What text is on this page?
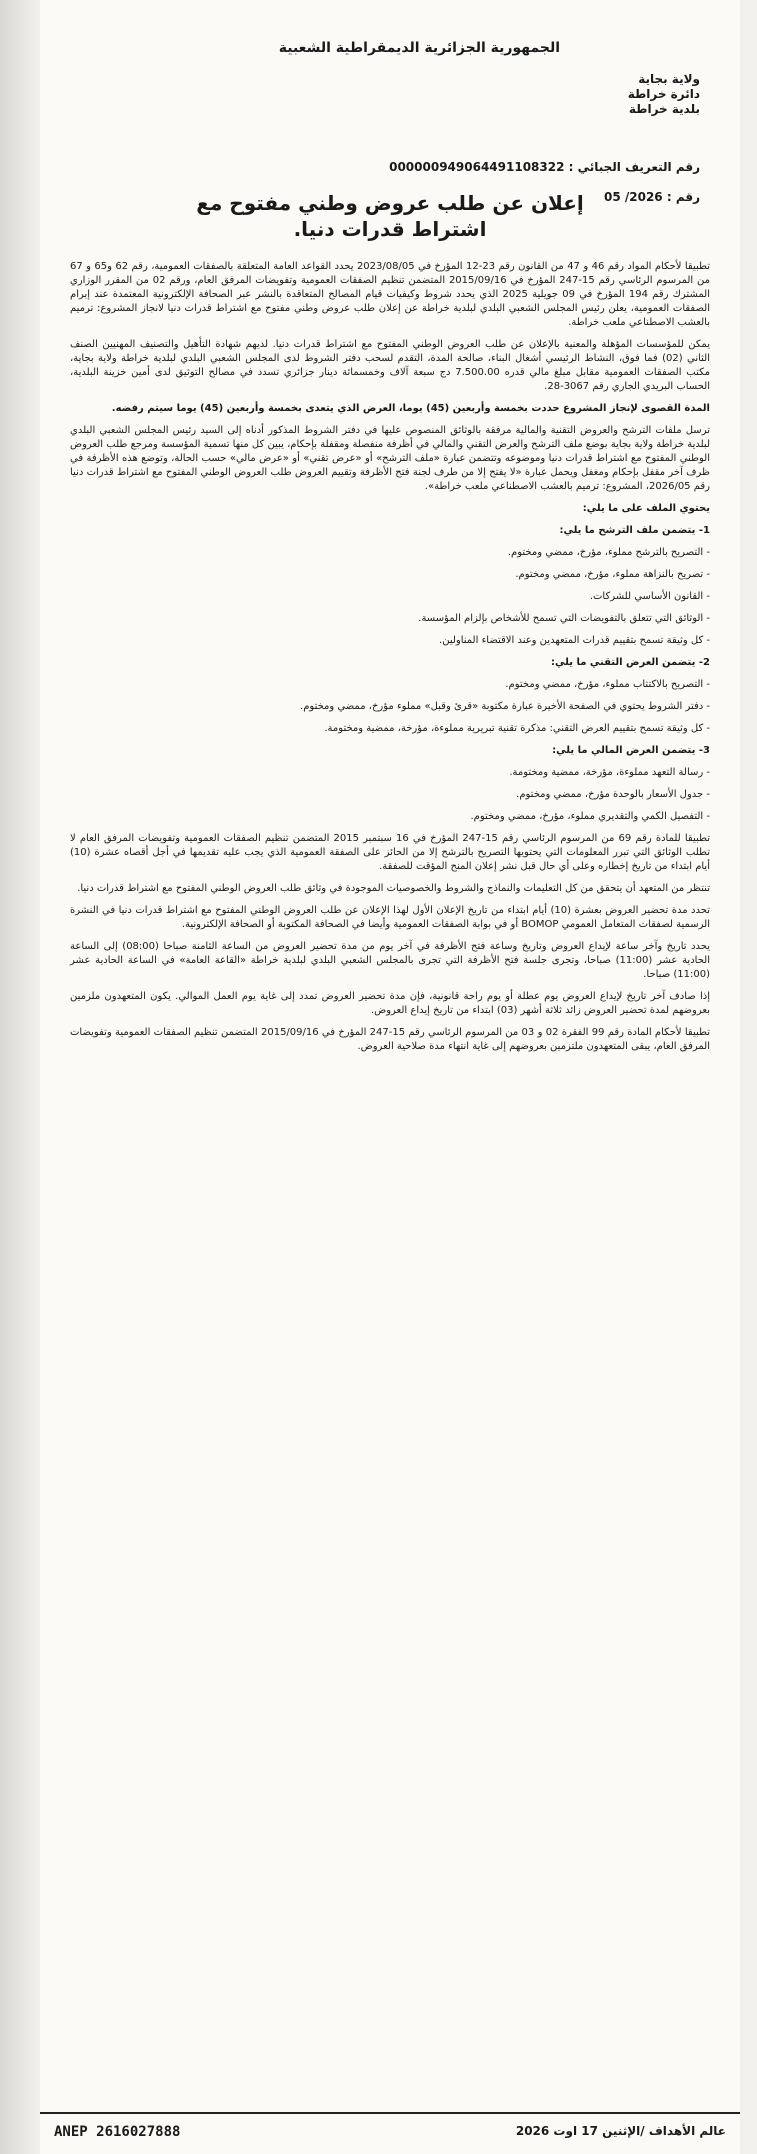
الجمهورية الجزائرية الديمقراطية الشعبية
ولاية بجاية
دائرة خراطة
بلدية خراطة
رقم التعريف الجبائي : 000000949064491108322
رقم : 2026/ 05
إعلان عن طلب عروض وطني مفتوح مع
اشتراط قدرات دنيا.

تطبيقا لأحكام المواد رقم 46 و 47 من القانون رقم 23-12 المؤرخ في 2023/08/05 يحدد القواعد العامة المتعلقة بالصفقات العمومية، رقم 62 و65 و 67 من المرسوم الرئاسي رقم 15-247 المؤرخ في 2015/09/16 المتضمن تنظيم الصفقات العمومية وتفويضات المرفق العام، ورقم 02 من المقرر الوزاري المشترك رقم 194 المؤرخ في 09 جويلية 2025 الذي يحدد شروط وكيفيات قيام المصالح المتعاقدة بالنشر عبر الصحافة الإلكترونية المعتمدة عند إبرام الصفقات العمومية، يعلن رئيس المجلس الشعبي البلدي لبلدية خراطة عن إعلان طلب عروض وطني مفتوح مع اشتراط قدرات دنيا لانجاز المشروع: ترميم بالعشب الاصطناعي ملعب خراطة.

يمكن للمؤسسات المؤهلة والمعنية بالإعلان عن طلب العروض الوطني المفتوح مع اشتراط قدرات دنيا. لديهم شهادة التأهيل والتصنيف المهنيين الصنف الثاني (02) فما فوق، النشاط الرئيسي أشغال البناء، صالحة المدة، التقدم لسحب دفتر الشروط لدى المجلس الشعبي البلدي لبلدية خراطة ولاية بجاية، مكتب الصفقات العمومية مقابل مبلغ مالي قدره 7.500.00 دج سبعة آلاف وخمسمائة دينار جزائري تسدد في مصالح التوثيق لدى أمين خزينة البلدية، الحساب البريدي الجاري رقم 3067-28.

المدة القصوى لإنجاز المشروع حددت بخمسة وأربعين (45) يوما، العرض الذي يتعدى بخمسة وأربعين (45) يوما سيتم رفضه.

ترسل ملفات الترشح والعروض التقنية والمالية مرفقة بالوثائق المنصوص عليها في دفتر الشروط المذكور أدناه إلى السيد رئيس المجلس الشعبي البلدي لبلدية خراطة ولاية بجاية بوضع ملف الترشح والعرض التقني والمالي في أظرفة منفصلة ومقفلة بإحكام، يبين كل منها تسمية المؤسسة ومرجع طلب العروض الوطني المفتوح مع اشتراط قدرات دنيا وموضوعه وتتضمن عبارة «ملف الترشح» أو «عرض تقني» أو «عرض مالي» حسب الحالة، وتوضع هذه الأظرفة في ظرف آخر مقفل بإحكام ومغفل ويحمل عبارة «لا يفتح إلا من طرف لجنة فتح الأظرفة وتقييم العروض طلب العروض الوطني المفتوح مع اشتراط قدرات دنيا رقم 2026/05، المشروع: ترميم بالعشب الاصطناعي ملعب خراطة».

يحتوي الملف على ما يلي:

1- يتضمن ملف الترشح ما يلي:

- التصريح بالترشح مملوء، مؤرخ، ممضي ومختوم.

- تصريح بالنزاهة مملوء، مؤرخ، ممضي ومختوم.

- القانون الأساسي للشركات.

- الوثائق التي تتعلق بالتفويضات التي تسمح للأشخاص بإلزام المؤسسة.

- كل وثيقة تسمح بتقييم قدرات المتعهدين وعند الاقتضاء المناولين.

2- يتضمن العرض التقني ما يلي:

- التصريح بالاكتتاب مملوء، مؤرخ، ممضي ومختوم.

- دفتر الشروط يحتوي في الصفحة الأخيرة عبارة مكتوبة «قرئ وقبل» مملوء مؤرخ، ممضي ومختوم.

- كل وثيقة تسمح بتقييم العرض التقني: مذكرة تقنية تبريرية مملوءة، مؤرخة، ممضية ومختومة.

3- يتضمن العرض المالي ما يلي:

- رسالة التعهد مملوءة، مؤرخة، ممضية ومختومة.

- جدول الأسعار بالوحدة مؤرخ، ممضي ومختوم.

- التفصيل الكمي والتقديري مملوء، مؤرخ، ممضي ومختوم.

تطبيقا للمادة رقم 69 من المرسوم الرئاسي رقم 15-247 المؤرخ في 16 سبتمبر 2015 المتضمن تنظيم الصفقات العمومية وتفويضات المرفق العام لا تطلب الوثائق التي تبرر المعلومات التي يحتويها التصريح بالترشح إلا من الحائز على الصفقة العمومية الذي يجب عليه تقديمها في أجل أقصاه عشرة (10) أيام ابتداء من تاريخ إخطاره وعلى أي حال قبل نشر إعلان المنح المؤقت للصفقة.

تنتظر من المتعهد أن يتحقق من كل التعليمات والنماذج والشروط والخصوصيات الموجودة في وثائق طلب العروض الوطني المفتوح مع اشتراط قدرات دنيا.

تحدد مدة تحضير العروض بعشرة (10) أيام ابتداء من تاريخ الإعلان الأول لهذا الإعلان عن طلب العروض الوطني المفتوح مع اشتراط قدرات دنيا في النشرة الرسمية لصفقات المتعامل العمومي BOMOP أو في بوابة الصفقات العمومية وأيضا في الصحافة المكتوبة أو الصحافة الإلكترونية.

يحدد تاريخ وآخر ساعة لإيداع العروض وتاريخ وساعة فتح الأظرفة في آخر يوم من مدة تحضير العروض من الساعة الثامنة صباحا (08:00) إلى الساعة الحادية عشر (11:00) صباحا، وتجرى جلسة فتح الأظرفة التي تجرى بالمجلس الشعبي البلدي لبلدية خراطة «القاعة العامة» في الساعة الحادية عشر (11:00) صباحا.

إذا صادف آخر تاريخ لإيداع العروض يوم عطلة أو يوم راحة قانونية، فإن مدة تحضير العروض تمدد إلى غاية يوم العمل الموالي. يكون المتعهدون ملزمين بعروضهم لمدة تحضير العروض زائد ثلاثة أشهر (03) ابتداء من تاريخ إيداع العروض.

تطبيقا لأحكام المادة رقم 99 الفقرة 02 و 03 من المرسوم الرئاسي رقم 15-247 المؤرخ في 2015/09/16 المتضمن تنظيم الصفقات العمومية وتفويضات المرفق العام، يبقى المتعهدون ملتزمين بعروضهم إلى غاية انتهاء مدة صلاحية العروض.

ANEP 2616027888	عالم الأهداف /الإثنين 17 اوت 2026
